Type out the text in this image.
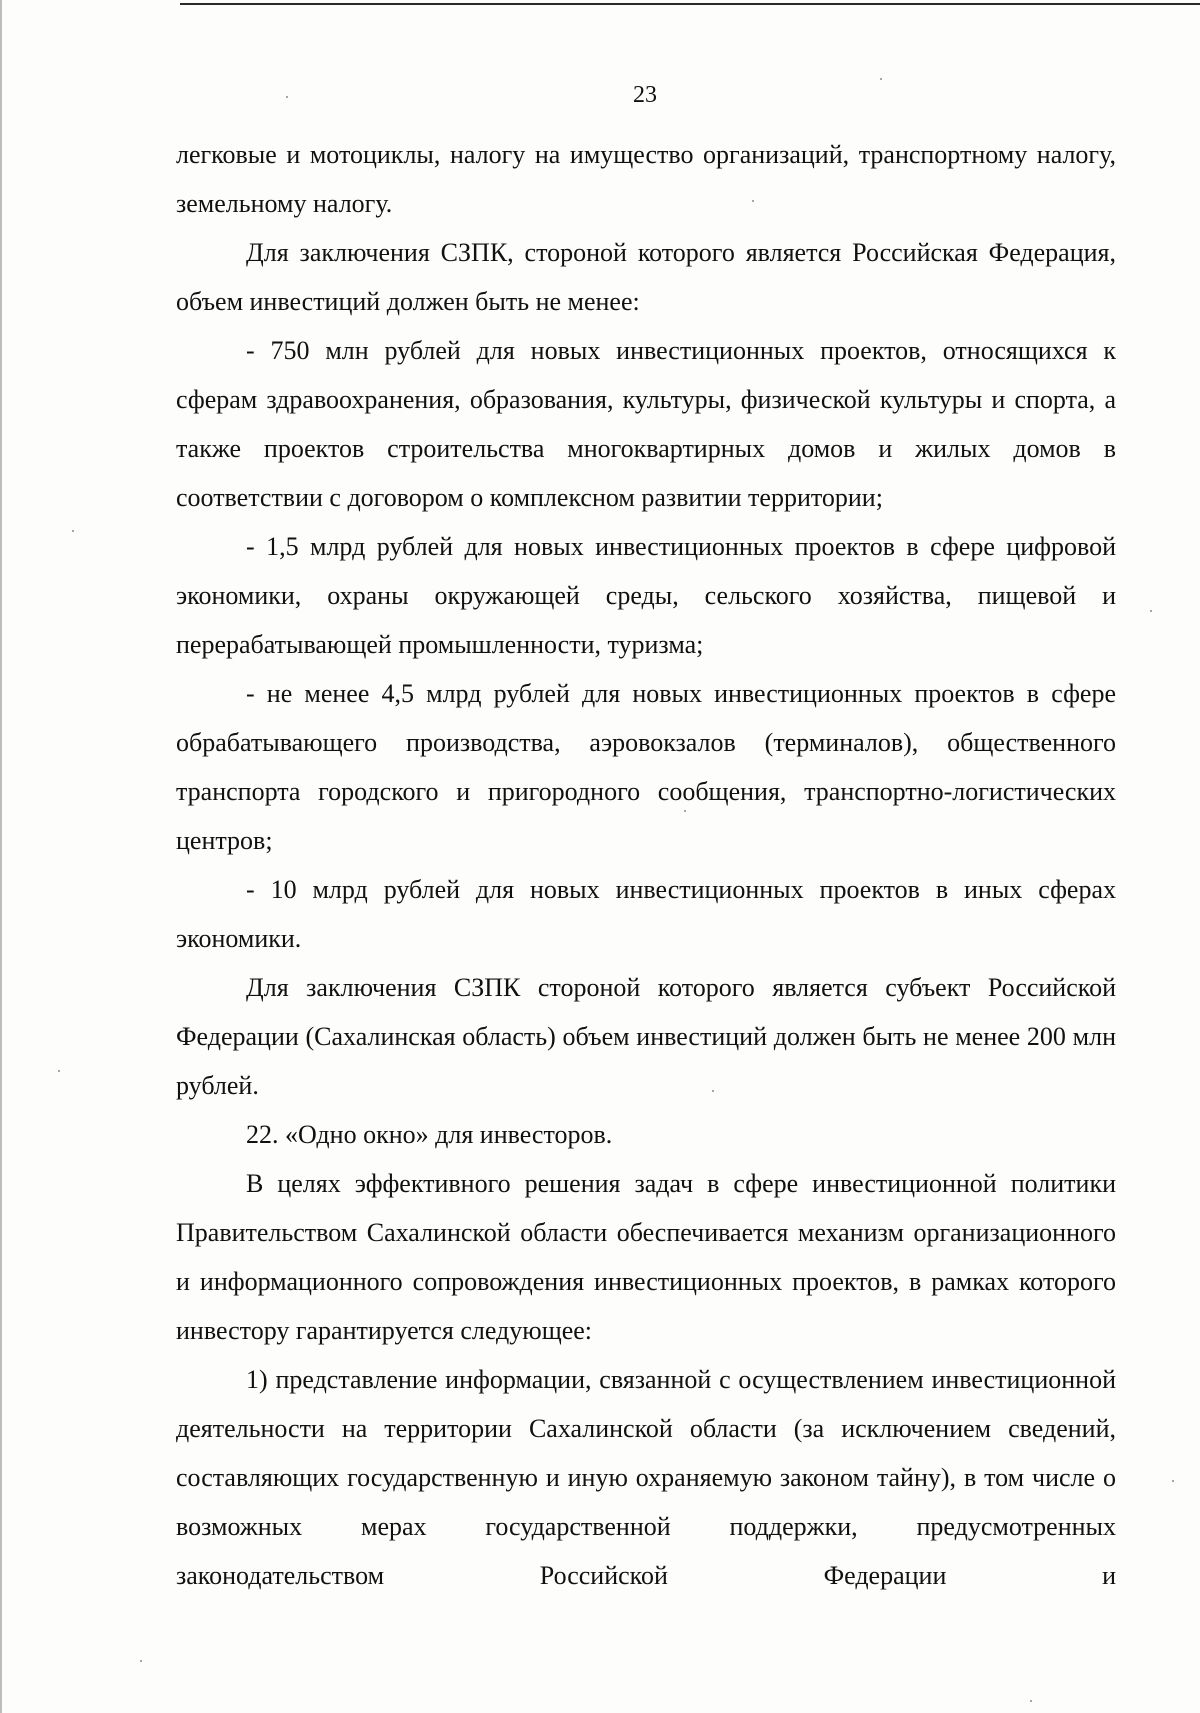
23

легковые и мотоциклы, налогу на имущество организаций, транспортному налогу, земельному налогу.

Для заключения СЗПК, стороной которого является Российская Федерация, объем инвестиций должен быть не менее:

- 750 млн рублей для новых инвестиционных проектов, относящихся к сферам здравоохранения, образования, культуры, физической культуры и спорта, а также проектов строительства многоквартирных домов и жилых домов в соответствии с договором о комплексном развитии территории;

- 1,5 млрд рублей для новых инвестиционных проектов в сфере цифровой экономики, охраны окружающей среды, сельского хозяйства, пищевой и перерабатывающей промышленности, туризма;

- не менее 4,5 млрд рублей для новых инвестиционных проектов в сфере обрабатывающего производства, аэровокзалов (терминалов), общественного транспорта городского и пригородного сообщения, транспортно-логистических центров;

- 10 млрд рублей для новых инвестиционных проектов в иных сферах экономики.

Для заключения СЗПК стороной которого является субъект Российской Федерации (Сахалинская область) объем инвестиций должен быть не менее 200 млн рублей.

22. «Одно окно» для инвесторов.

В целях эффективного решения задач в сфере инвестиционной политики Правительством Сахалинской области обеспечивается механизм организационного и информационного сопровождения инвестиционных проектов, в рамках которого инвестору гарантируется следующее:

1) представление информации, связанной с осуществлением инвестиционной деятельности на территории Сахалинской области (за исключением сведений, составляющих государственную и иную охраняемую законом тайну), в том числе о возможных мерах государственной поддержки, предусмотренных законодательством Российской Федерации и
